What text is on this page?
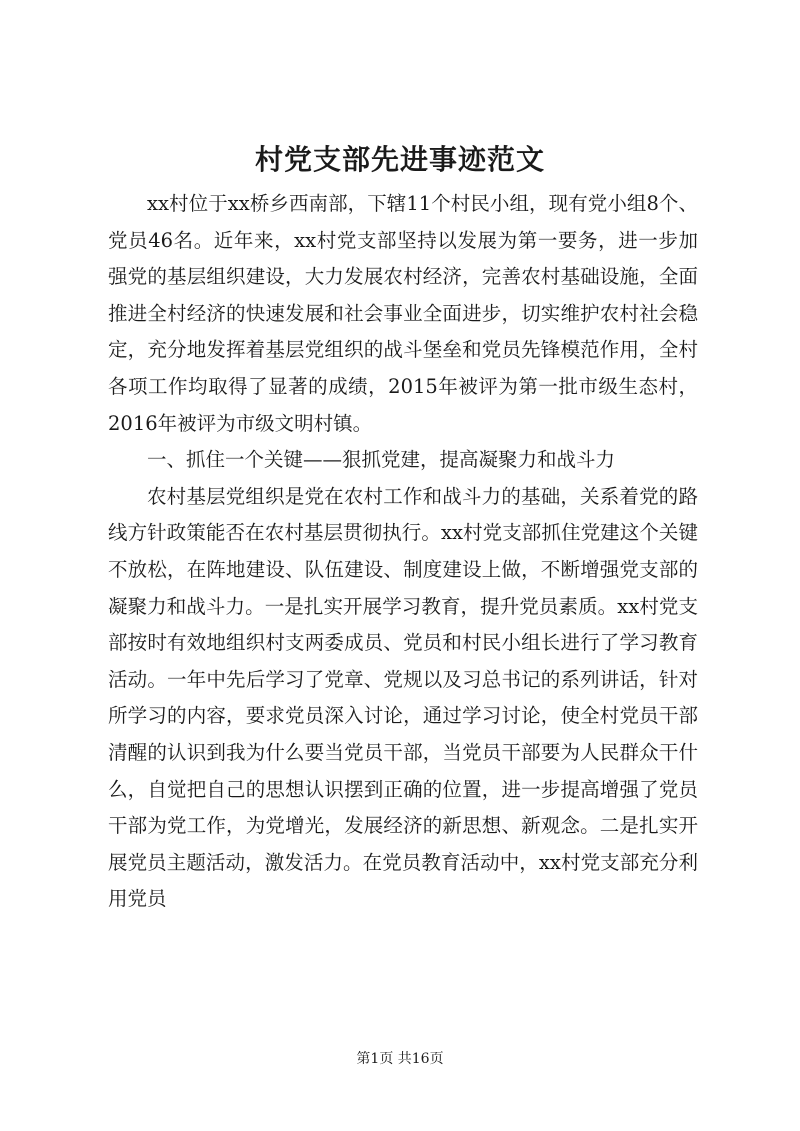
村党支部先进事迹范文

xx村位于xx桥乡西南部，下辖11个村民小组，现有党小组8个、党员46名。近年来，xx村党支部坚持以发展为第一要务，进一步加强党的基层组织建设，大力发展农村经济，完善农村基础设施，全面推进全村经济的快速发展和社会事业全面进步，切实维护农村社会稳定，充分地发挥着基层党组织的战斗堡垒和党员先锋模范作用，全村各项工作均取得了显著的成绩，2015年被评为第一批市级生态村，2016年被评为市级文明村镇。

一、抓住一个关键——狠抓党建，提高凝聚力和战斗力

农村基层党组织是党在农村工作和战斗力的基础，关系着党的路线方针政策能否在农村基层贯彻执行。xx村党支部抓住党建这个关键不放松，在阵地建设、队伍建设、制度建设上做，不断增强党支部的凝聚力和战斗力。一是扎实开展学习教育，提升党员素质。xx村党支部按时有效地组织村支两委成员、党员和村民小组长进行了学习教育活动。一年中先后学习了党章、党规以及习总书记的系列讲话，针对所学习的内容，要求党员深入讨论，通过学习讨论，使全村党员干部清醒的认识到我为什么要当党员干部，当党员干部要为人民群众干什么，自觉把自己的思想认识摆到正确的位置，进一步提高增强了党员干部为党工作，为党增光，发展经济的新思想、新观念。二是扎实开展党员主题活动，激发活力。在党员教育活动中，xx村党支部充分利用党员

第1页 共16页
